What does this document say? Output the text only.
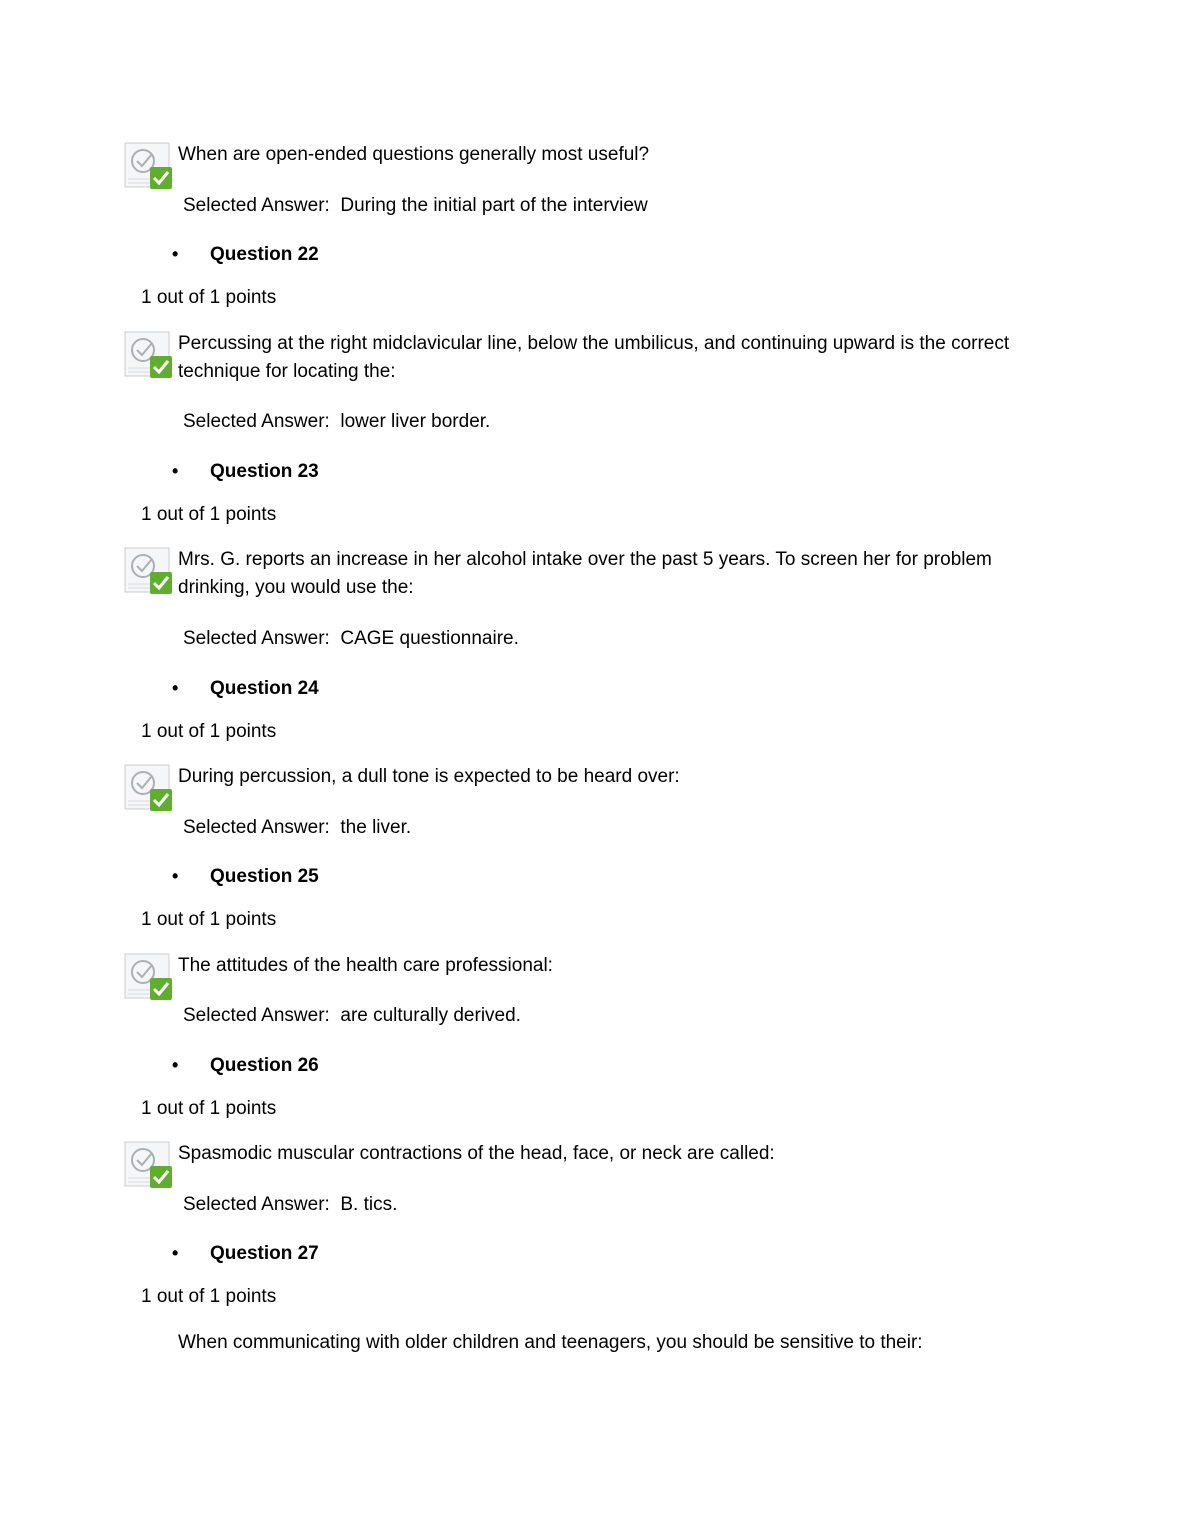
When are open-ended questions generally most useful?
Selected Answer: During the initial part of the interview
• Question 22
1 out of 1 points
Percussing at the right midclavicular line, below the umbilicus, and continuing upward is the correct technique for locating the:
Selected Answer: lower liver border.
• Question 23
1 out of 1 points
Mrs. G. reports an increase in her alcohol intake over the past 5 years. To screen her for problem drinking, you would use the:
Selected Answer: CAGE questionnaire.
• Question 24
1 out of 1 points
During percussion, a dull tone is expected to be heard over:
Selected Answer: the liver.
• Question 25
1 out of 1 points
The attitudes of the health care professional:
Selected Answer: are culturally derived.
• Question 26
1 out of 1 points
Spasmodic muscular contractions of the head, face, or neck are called:
Selected Answer: B. tics.
• Question 27
1 out of 1 points
When communicating with older children and teenagers, you should be sensitive to their:
